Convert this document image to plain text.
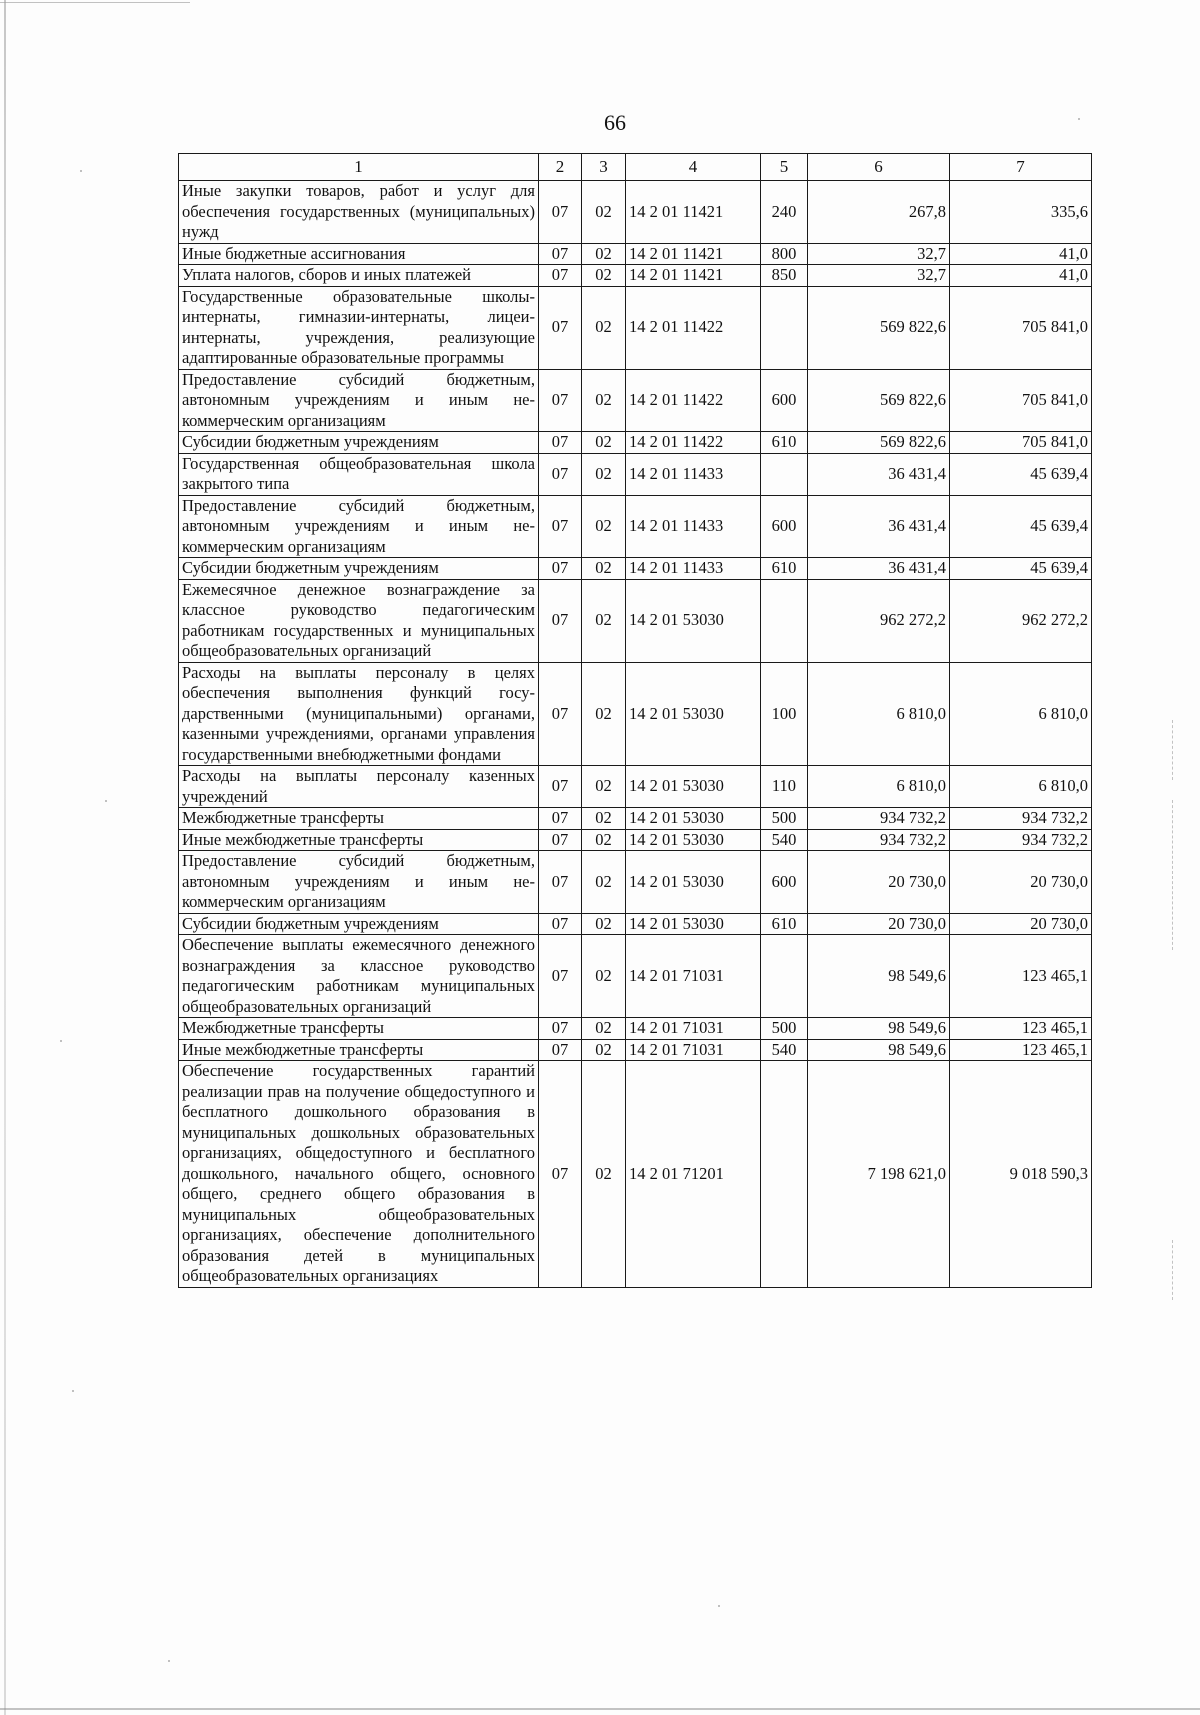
66
1	2	3	4	5	6	7
Иные закупки товаров, работ и услуг для обеспечения государственных (муниципальных) нужд	07	02	14 2 01 11421	240	267,8	335,6
Иные бюджетные ассигнования	07	02	14 2 01 11421	800	32,7	41,0
Уплата налогов, сборов и иных платежей	07	02	14 2 01 11421	850	32,7	41,0
Государственные образовательные школы-интернаты, гимназии-интернаты, лицеи-интернаты, учреждения, реализующие адаптированные образовательные программы	07	02	14 2 01 11422		569 822,6	705 841,0
Предоставление субсидий бюджетным, автономным учреждениям и иным некоммерческим организациям	07	02	14 2 01 11422	600	569 822,6	705 841,0
Субсидии бюджетным учреждениям	07	02	14 2 01 11422	610	569 822,6	705 841,0
Государственная общеобразовательная школа закрытого типа	07	02	14 2 01 11433		36 431,4	45 639,4
Предоставление субсидий бюджетным, автономным учреждениям и иным некоммерческим организациям	07	02	14 2 01 11433	600	36 431,4	45 639,4
Субсидии бюджетным учреждениям	07	02	14 2 01 11433	610	36 431,4	45 639,4
Ежемесячное денежное вознаграждение за классное руководство педагогическим работникам государственных и муниципальных общеобразовательных организаций	07	02	14 2 01 53030		962 272,2	962 272,2
Расходы на выплаты персоналу в целях обеспечения выполнения функций государственными (муниципальными) органами, казенными учреждениями, органами управления государственными внебюджетными фондами	07	02	14 2 01 53030	100	6 810,0	6 810,0
Расходы на выплаты персоналу казенных учреждений	07	02	14 2 01 53030	110	6 810,0	6 810,0
Межбюджетные трансферты	07	02	14 2 01 53030	500	934 732,2	934 732,2
Иные межбюджетные трансферты	07	02	14 2 01 53030	540	934 732,2	934 732,2
Предоставление субсидий бюджетным, автономным учреждениям и иным некоммерческим организациям	07	02	14 2 01 53030	600	20 730,0	20 730,0
Субсидии бюджетным учреждениям	07	02	14 2 01 53030	610	20 730,0	20 730,0
Обеспечение выплаты ежемесячного денежного вознаграждения за классное руководство педагогическим работникам муниципальных общеобразовательных организаций	07	02	14 2 01 71031		98 549,6	123 465,1
Межбюджетные трансферты	07	02	14 2 01 71031	500	98 549,6	123 465,1
Иные межбюджетные трансферты	07	02	14 2 01 71031	540	98 549,6	123 465,1
Обеспечение государственных гарантий реализации прав на получение общедоступного и бесплатного дошкольного образования в муниципальных дошкольных образовательных организациях, общедоступного и бесплатного дошкольного, начального общего, основного общего, среднего общего образования в муниципальных общеобразовательных организациях, обеспечение дополнительного образования детей в муниципальных общеобразовательных организациях	07	02	14 2 01 71201		7 198 621,0	9 018 590,3
